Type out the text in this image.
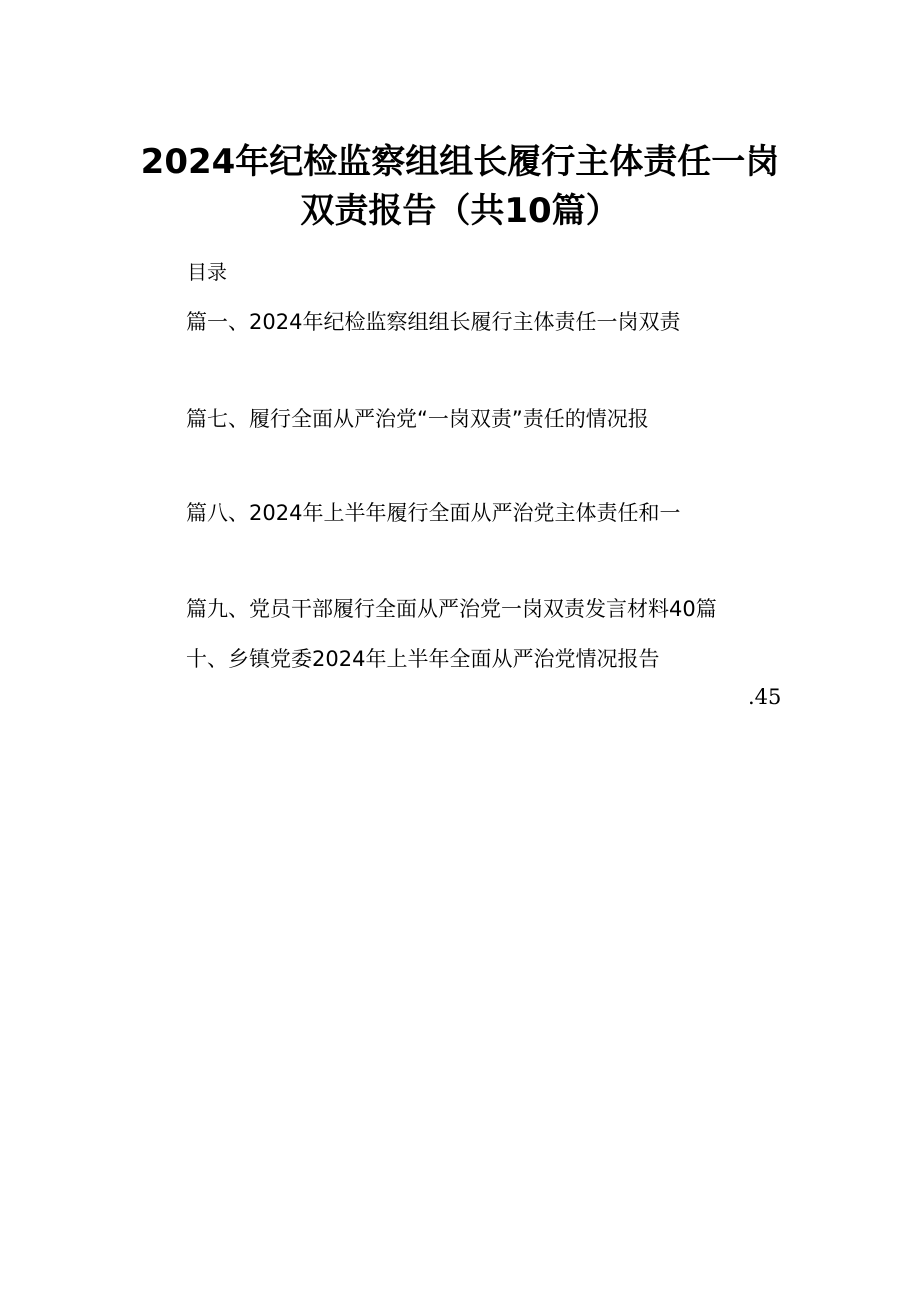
2024年纪检监察组组长履行主体责任一岗
双责报告（共10篇）
目录
篇一、2024年纪检监察组组长履行主体责任一岗双责
篇七、履行全面从严治党“一岗双责”责任的情况报
篇八、2024年上半年履行全面从严治党主体责任和一
篇九、党员干部履行全面从严治党一岗双责发言材料40篇
十、乡镇党委2024年上半年全面从严治党情况报告
.45
